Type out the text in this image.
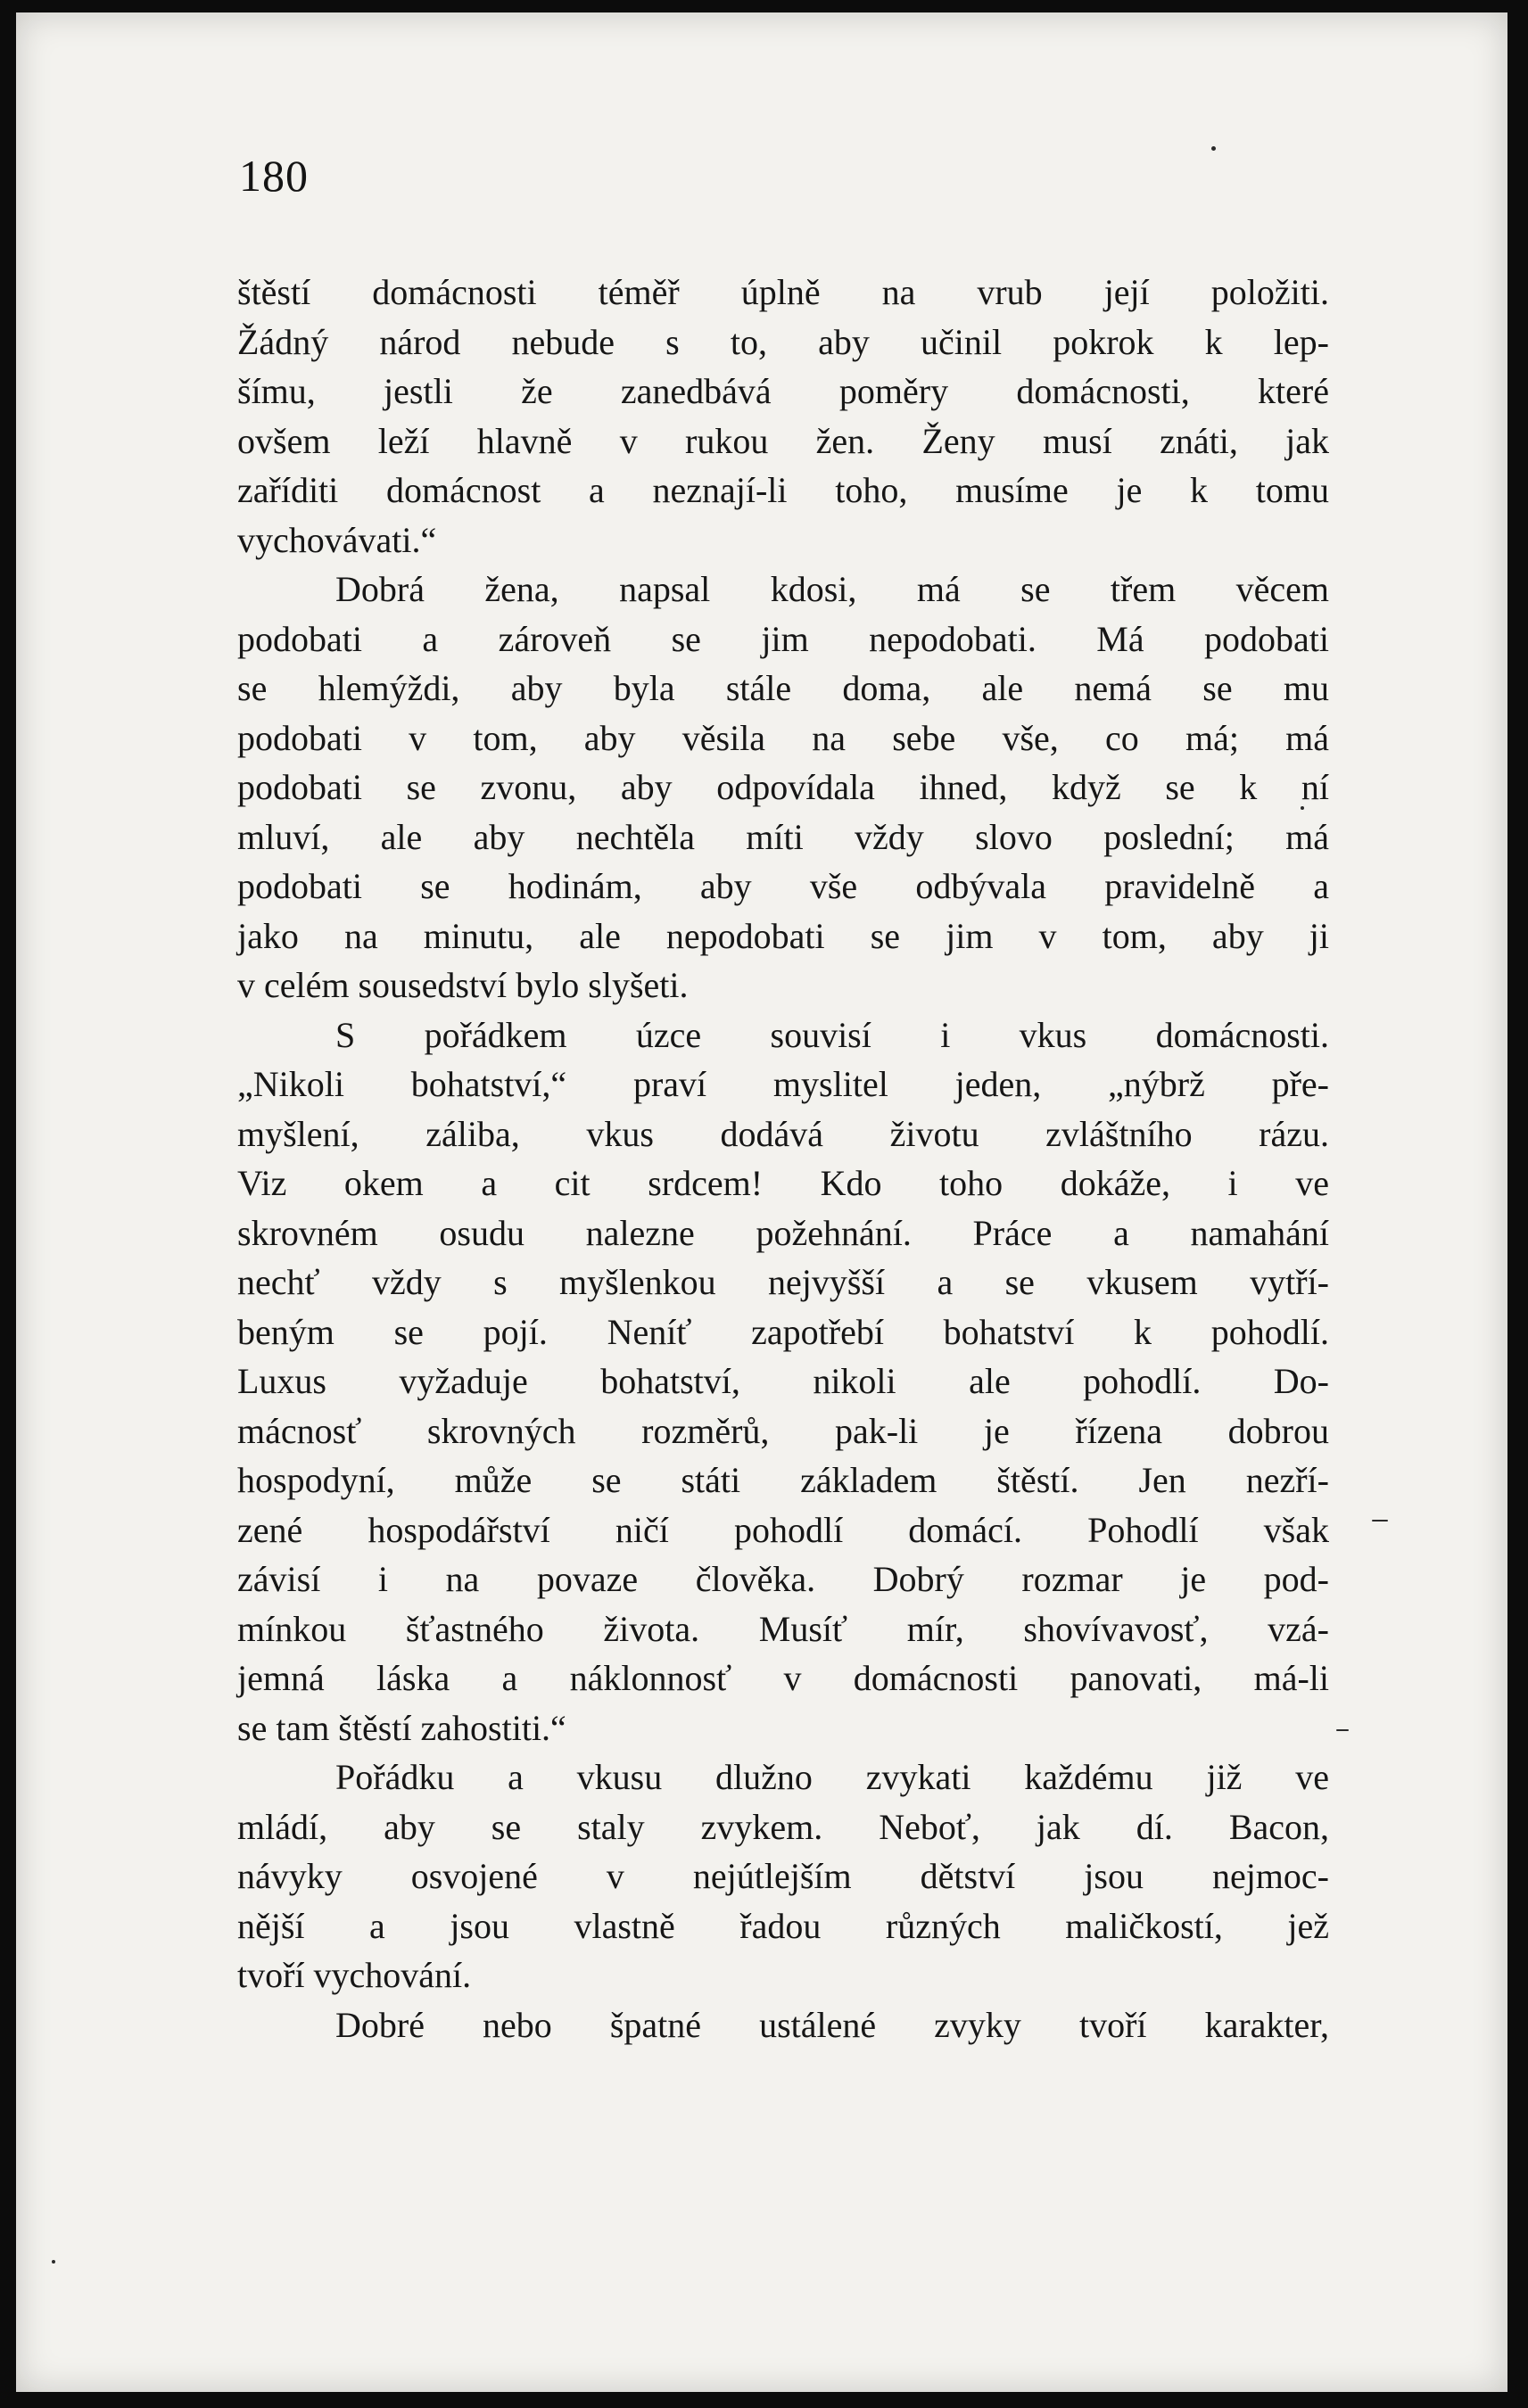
180
štěstí domácnosti téměř úplně na vrub její položiti.
Žádný národ nebude s to, aby učinil pokrok k lep-
šímu, jestli že zanedbává poměry domácnosti, které
ovšem leží hlavně v rukou žen. Ženy musí znáti, jak
zaříditi domácnost a neznají-li toho, musíme je k tomu
vychovávati.“
Dobrá žena, napsal kdosi, má se třem věcem
podobati a zároveň se jim nepodobati. Má podobati
se hlemýždi, aby byla stále doma, ale nemá se mu
podobati v tom, aby věsila na sebe vše, co má; má
podobati se zvonu, aby odpovídala ihned, když se k ní
mluví, ale aby nechtěla míti vždy slovo poslední; má
podobati se hodinám, aby vše odbývala pravidelně a
jako na minutu, ale nepodobati se jim v tom, aby ji
v celém sousedství bylo slyšeti.
S pořádkem úzce souvisí i vkus domácnosti.
„Nikoli bohatství,“ praví myslitel jeden, „nýbrž pře-
myšlení, záliba, vkus dodává životu zvláštního rázu.
Viz okem a cit srdcem! Kdo toho dokáže, i ve
skrovném osudu nalezne požehnání. Práce a namahání
nechť vždy s myšlenkou nejvyšší a se vkusem vytří-
beným se pojí. Neníť zapotřebí bohatství k pohodlí.
Luxus vyžaduje bohatství, nikoli ale pohodlí. Do-
mácnosť skrovných rozměrů, pak-li je řízena dobrou
hospodyní, může se státi základem štěstí. Jen nezří-
zené hospodářství ničí pohodlí domácí. Pohodlí však
závisí i na povaze člověka. Dobrý rozmar je pod-
mínkou šťastného života. Musíť mír, shovívavosť, vzá-
jemná láska a náklonnosť v domácnosti panovati, má-li
se tam štěstí zahostiti.“
Pořádku a vkusu dlužno zvykati každému již ve
mládí, aby se staly zvykem. Neboť, jak dí. Bacon,
návyky osvojené v nejútlejším dětství jsou nejmoc-
nější a jsou vlastně řadou různých maličkostí, jež
tvoří vychování.
Dobré nebo špatné ustálené zvyky tvoří karakter,
